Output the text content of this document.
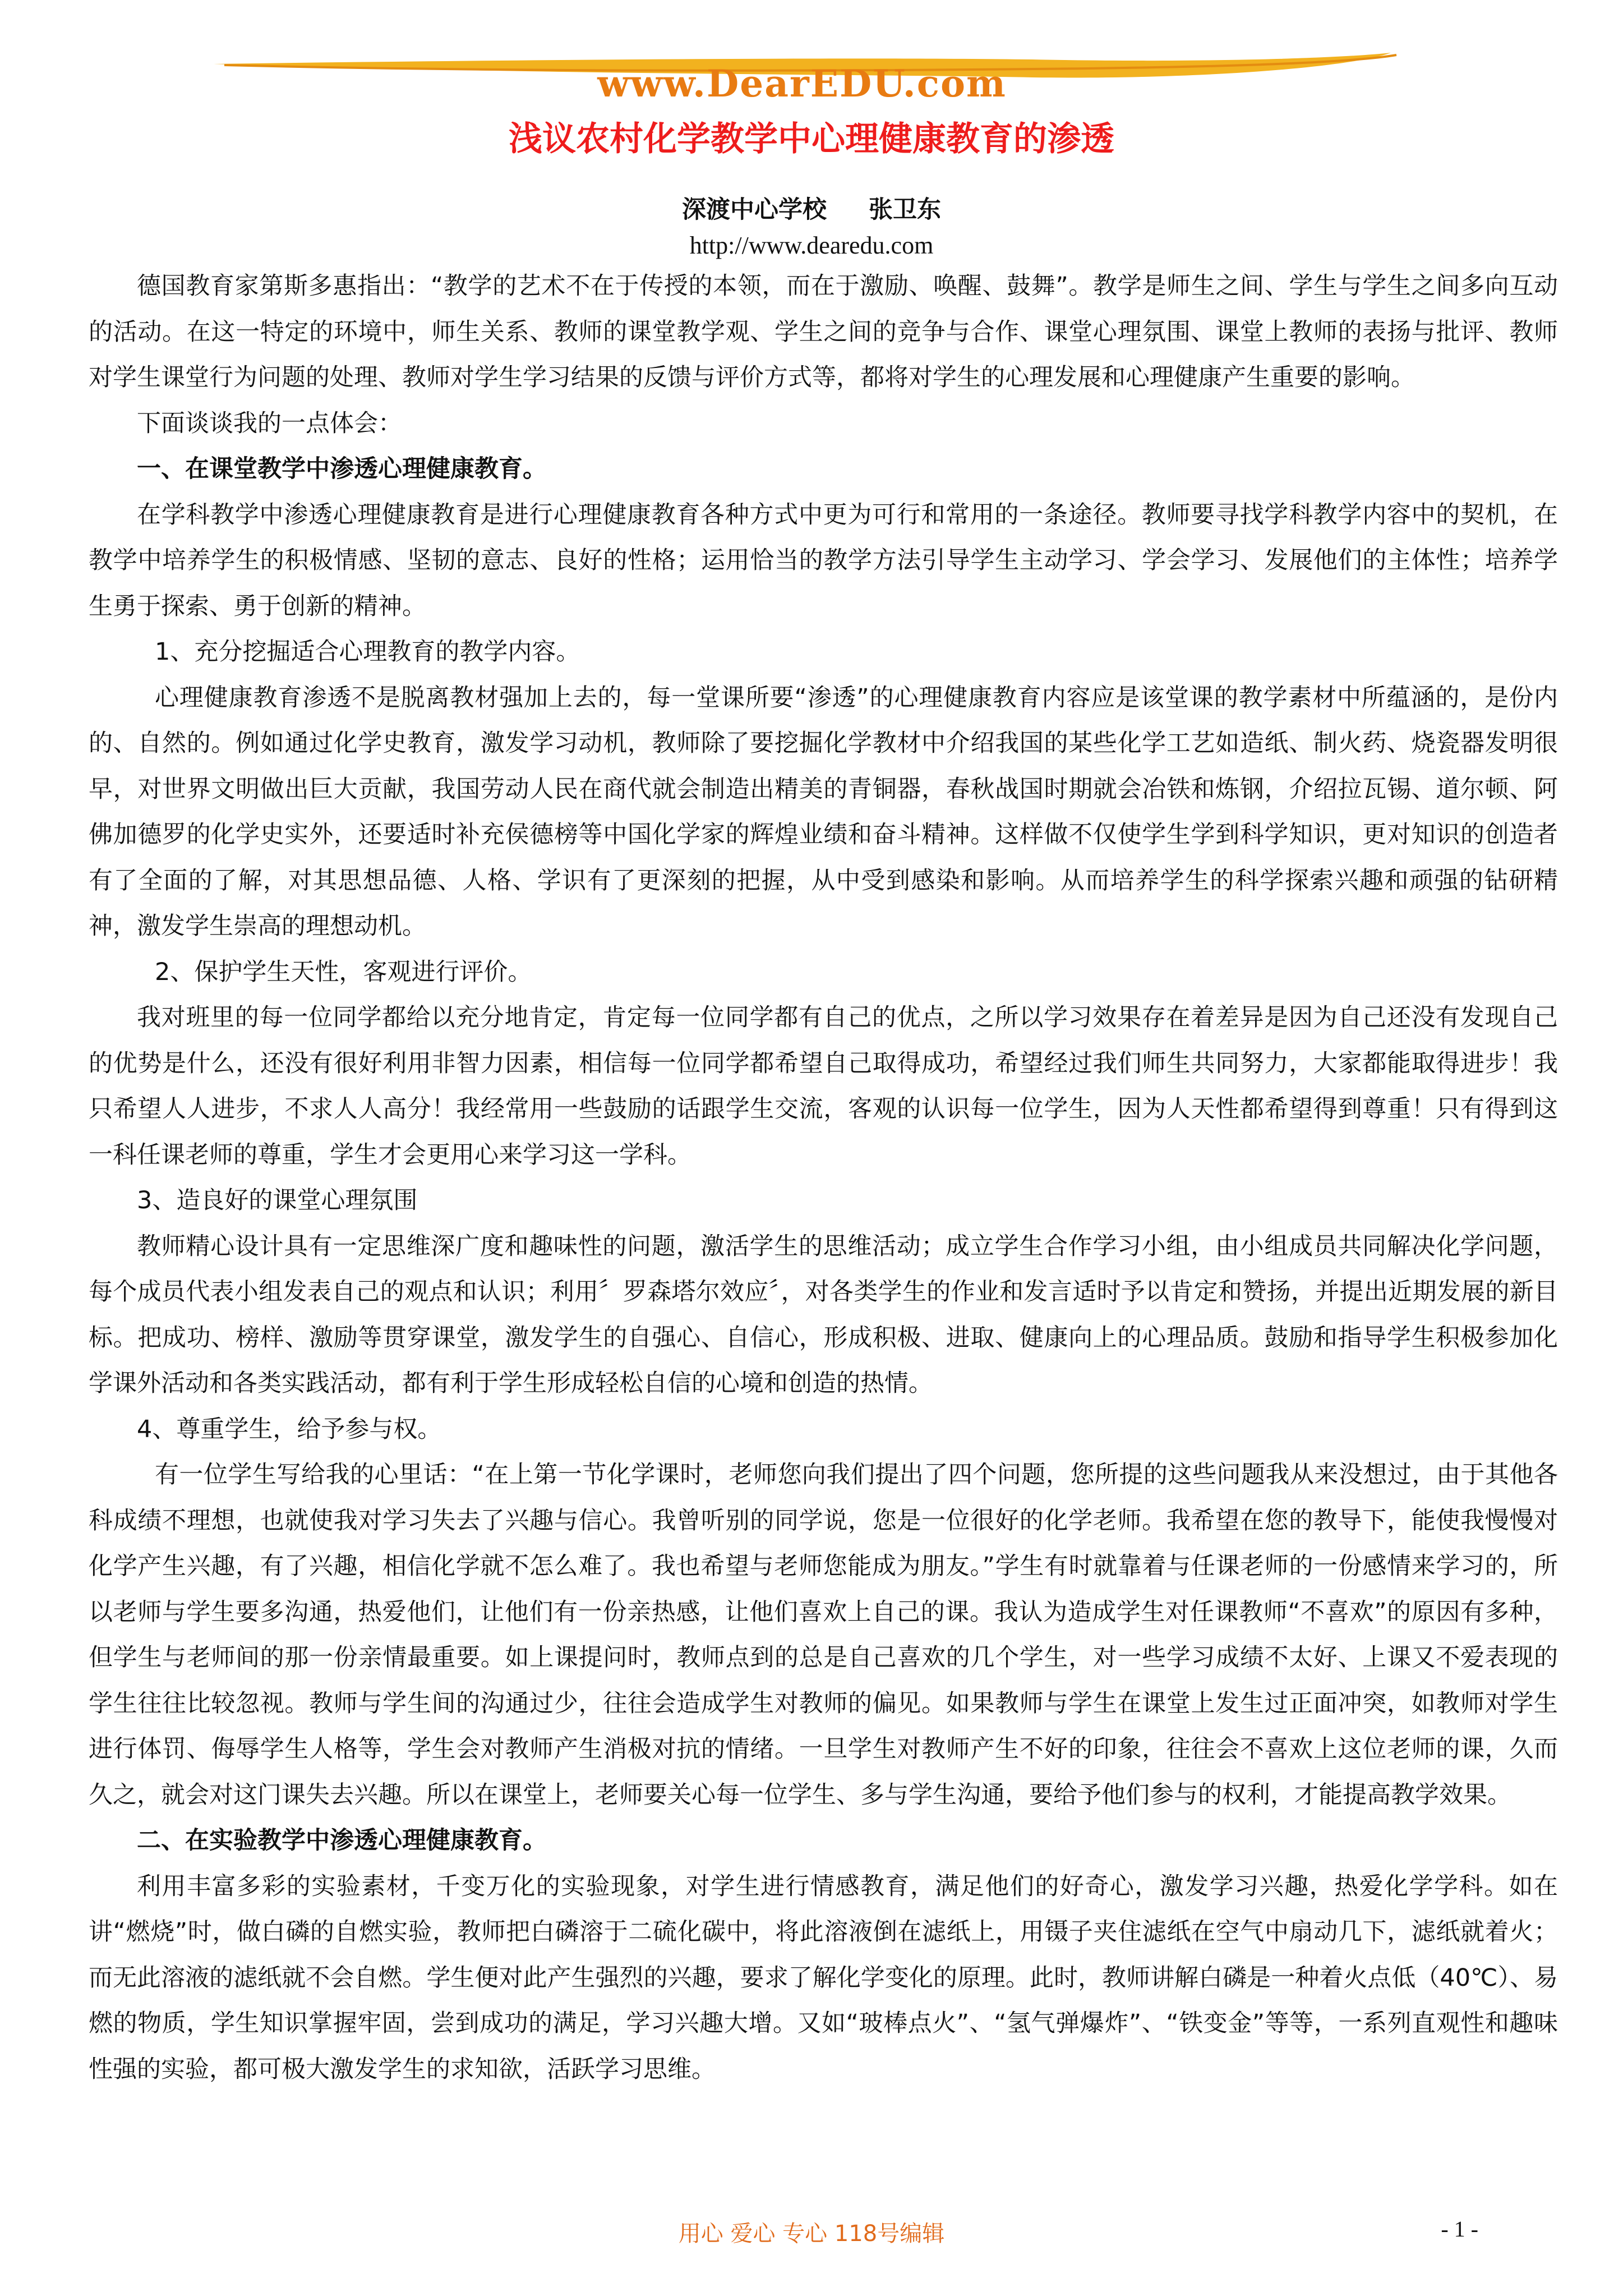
www.DearEDU.com
浅议农村化学教学中心理健康教育的渗透
深渡中心学校 张卫东
http://www.dearedu.com

德国教育家第斯多惠指出：“教学的艺术不在于传授的本领，而在于激励、唤醒、鼓舞”。教学是师生之间、学生与学生之间多向互动的活动。在这一特定的环境中，师生关系、教师的课堂教学观、学生之间的竞争与合作、课堂心理氛围、课堂上教师的表扬与批评、教师对学生课堂行为问题的处理、教师对学生学习结果的反馈与评价方式等，都将对学生的心理发展和心理健康产生重要的影响。

下面谈谈我的一点体会：

一、在课堂教学中渗透心理健康教育。

在学科教学中渗透心理健康教育是进行心理健康教育各种方式中更为可行和常用的一条途径。教师要寻找学科教学内容中的契机，在教学中培养学生的积极情感、坚韧的意志、良好的性格；运用恰当的教学方法引导学生主动学习、学会学习、发展他们的主体性；培养学生勇于探索、勇于创新的精神。

1、充分挖掘适合心理教育的教学内容。

心理健康教育渗透不是脱离教材强加上去的，每一堂课所要“渗透”的心理健康教育内容应是该堂课的教学素材中所蕴涵的，是份内的、自然的。例如通过化学史教育，激发学习动机，教师除了要挖掘化学教材中介绍我国的某些化学工艺如造纸、制火药、烧瓷器发明很早，对世界文明做出巨大贡献，我国劳动人民在商代就会制造出精美的青铜器，春秋战国时期就会冶铁和炼钢，介绍拉瓦锡、道尔顿、阿佛加德罗的化学史实外，还要适时补充侯德榜等中国化学家的辉煌业绩和奋斗精神。这样做不仅使学生学到科学知识，更对知识的创造者有了全面的了解，对其思想品德、人格、学识有了更深刻的把握，从中受到感染和影响。从而培养学生的科学探索兴趣和顽强的钻研精神，激发学生崇高的理想动机。

2、保护学生天性，客观进行评价。

我对班里的每一位同学都给以充分地肯定，肯定每一位同学都有自己的优点，之所以学习效果存在着差异是因为自己还没有发现自己的优势是什么，还没有很好利用非智力因素，相信每一位同学都希望自己取得成功，希望经过我们师生共同努力，大家都能取得进步！我只希望人人进步，不求人人高分！我经常用一些鼓励的话跟学生交流，客观的认识每一位学生，因为人天性都希望得到尊重！只有得到这一科任课老师的尊重，学生才会更用心来学习这一学科。

3、造良好的课堂心理氛围

教师精心设计具有一定思维深广度和趣味性的问题，激活学生的思维活动；成立学生合作学习小组，由小组成员共同解决化学问题，每个成员代表小组发表自己的观点和认识；利用〞罗森塔尔效应〞，对各类学生的作业和发言适时予以肯定和赞扬，并提出近期发展的新目标。把成功、榜样、激励等贯穿课堂，激发学生的自强心、自信心，形成积极、进取、健康向上的心理品质。鼓励和指导学生积极参加化学课外活动和各类实践活动，都有利于学生形成轻松自信的心境和创造的热情。

4、尊重学生，给予参与权。

有一位学生写给我的心里话：“在上第一节化学课时，老师您向我们提出了四个问题，您所提的这些问题我从来没想过，由于其他各科成绩不理想，也就使我对学习失去了兴趣与信心。我曾听别的同学说，您是一位很好的化学老师。我希望在您的教导下，能使我慢慢对化学产生兴趣，有了兴趣，相信化学就不怎么难了。我也希望与老师您能成为朋友。”学生有时就靠着与任课老师的一份感情来学习的，所以老师与学生要多沟通，热爱他们，让他们有一份亲热感，让他们喜欢上自己的课。我认为造成学生对任课教师“不喜欢”的原因有多种，但学生与老师间的那一份亲情最重要。如上课提问时，教师点到的总是自己喜欢的几个学生，对一些学习成绩不太好、上课又不爱表现的学生往往比较忽视。教师与学生间的沟通过少，往往会造成学生对教师的偏见。如果教师与学生在课堂上发生过正面冲突，如教师对学生进行体罚、侮辱学生人格等，学生会对教师产生消极对抗的情绪。一旦学生对教师产生不好的印象，往往会不喜欢上这位老师的课，久而久之，就会对这门课失去兴趣。所以在课堂上，老师要关心每一位学生、多与学生沟通，要给予他们参与的权利，才能提高教学效果。

二、在实验教学中渗透心理健康教育。

利用丰富多彩的实验素材，千变万化的实验现象，对学生进行情感教育，满足他们的好奇心，激发学习兴趣，热爱化学学科。如在讲“燃烧”时，做白磷的自燃实验，教师把白磷溶于二硫化碳中，将此溶液倒在滤纸上，用镊子夹住滤纸在空气中扇动几下，滤纸就着火；而无此溶液的滤纸就不会自燃。学生便对此产生强烈的兴趣，要求了解化学变化的原理。此时，教师讲解白磷是一种着火点低（40℃）、易燃的物质，学生知识掌握牢固，尝到成功的满足，学习兴趣大增。又如“玻棒点火”、“氢气弹爆炸”、“铁变金”等等，一系列直观性和趣味性强的实验，都可极大激发学生的求知欲，活跃学习思维。

用心 爱心 专心 118号编辑	- 1 -
